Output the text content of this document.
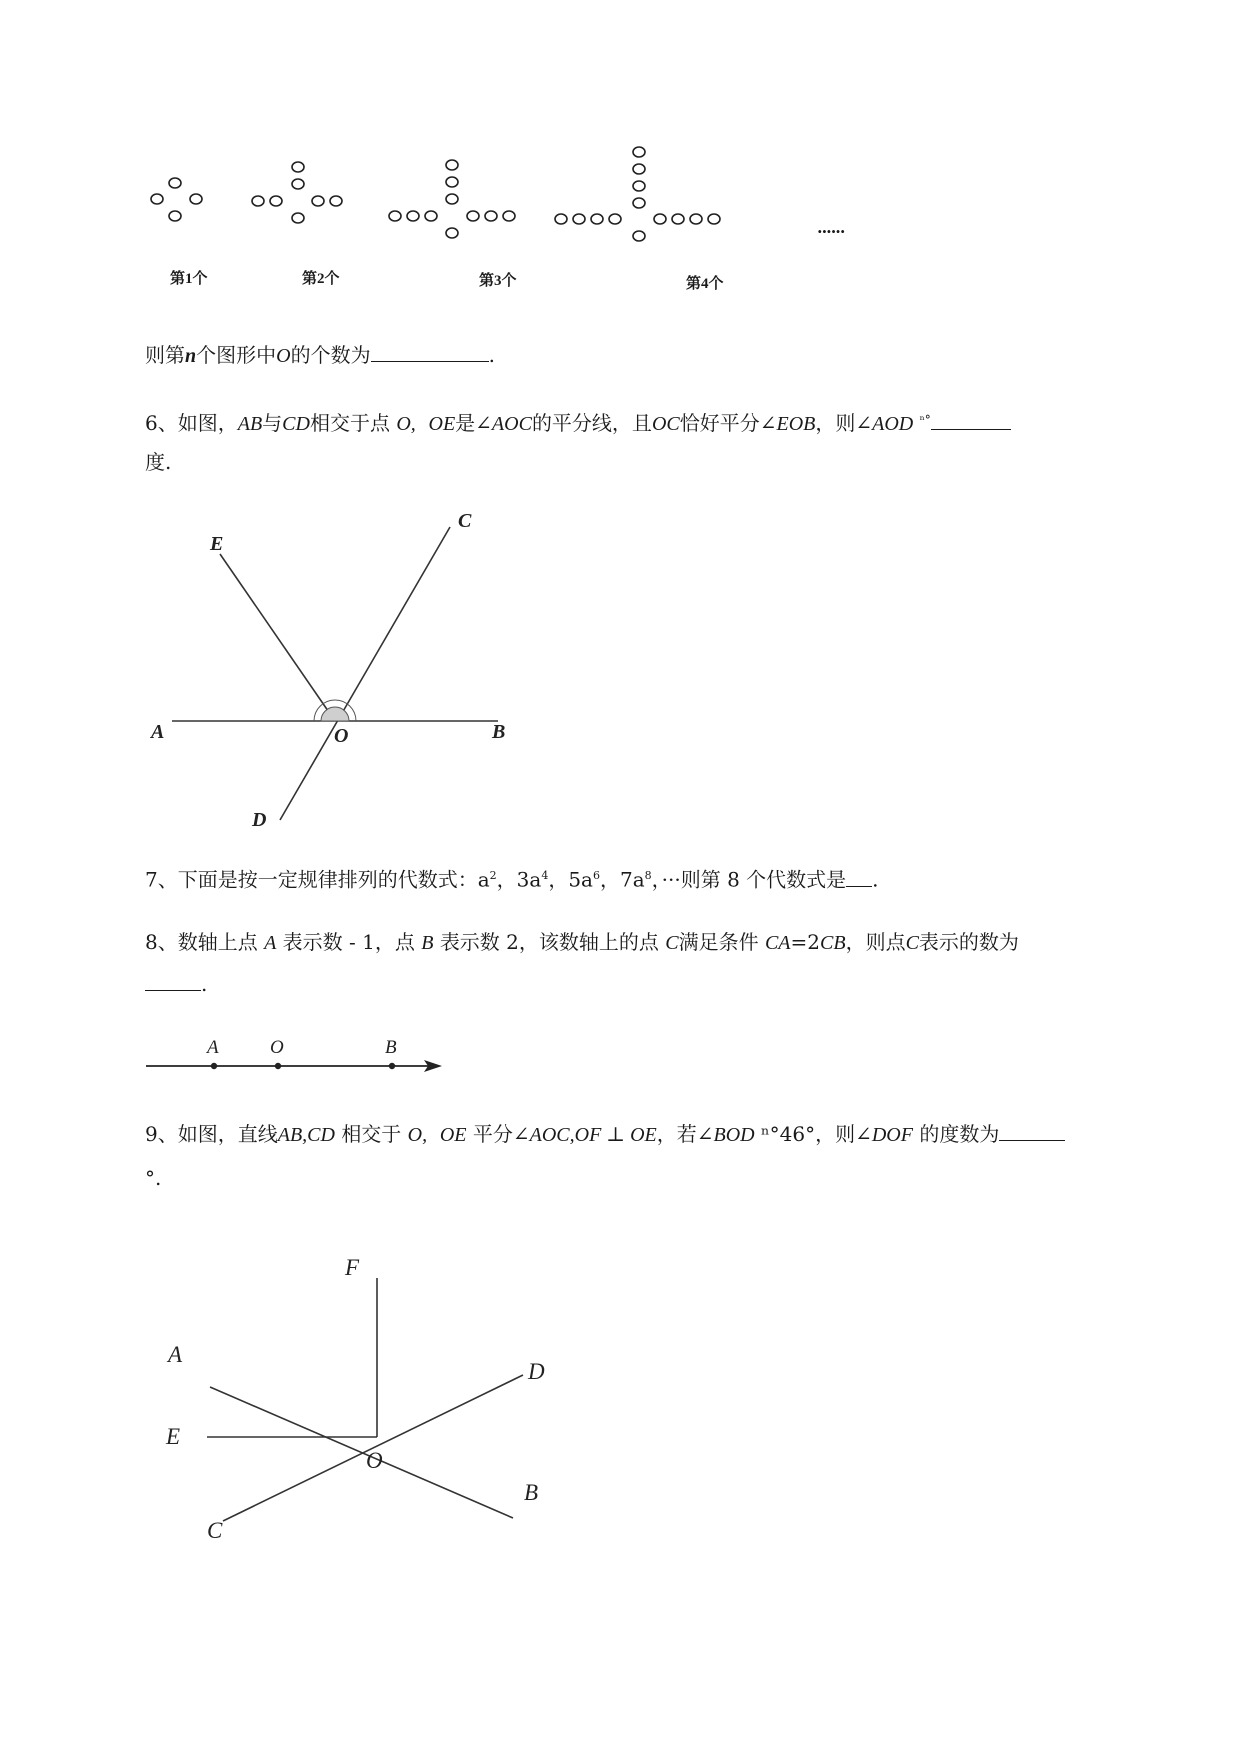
第1个	第2个	第3个	第4个
······
则第n个图形中O的个数为	.
6、如图，AB与CD相交于点 O, OE是∠AOC的平分线，且OC恰好平分∠EOB，则∠AOD $^{^n^\circ}$
度.
E
C
A	O	B
D
7、下面是按一定规律排列的代数式：$a^2$，$3a^4$，$5a^6$，$7a^8$，···则第 8 个代数式是 .
8、数轴上点 A 表示数 - 1，点 B 表示数 2，该数轴上的点 C满足条件 CA=2CB，则点C表示的数为
.
A	O	B
9、如图，直线AB,CD 相交于 O, OE 平分∠AOC,OF ⊥ OE，若∠BOD ⁿ°46°，则∠DOF 的度数为
°.
F
A
D
E
O
B
C
